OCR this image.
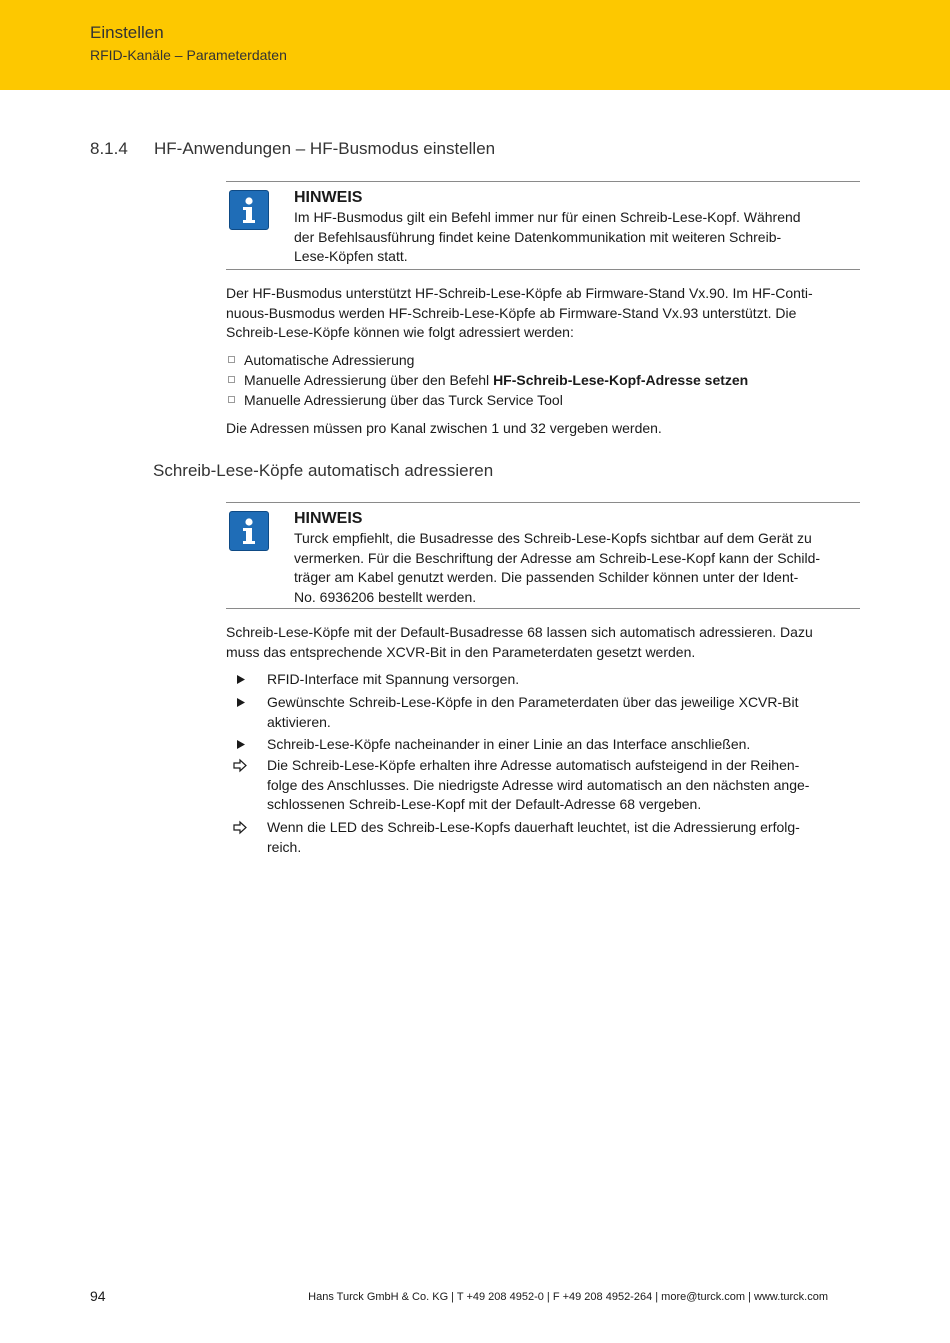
Einstellen
RFID-Kanäle – Parameterdaten
8.1.4 HF-Anwendungen – HF-Busmodus einstellen
HINWEIS
Im HF-Busmodus gilt ein Befehl immer nur für einen Schreib-Lese-Kopf. Während
der Befehlsausführung findet keine Datenkommunikation mit weiteren Schreib-
Lese-Köpfen statt.
Der HF-Busmodus unterstützt HF-Schreib-Lese-Köpfe ab Firmware-Stand Vx.90. Im HF-Conti-
nuous-Busmodus werden HF-Schreib-Lese-Köpfe ab Firmware-Stand Vx.93 unterstützt. Die
Schreib-Lese-Köpfe können wie folgt adressiert werden:
Automatische Adressierung
Manuelle Adressierung über den Befehl HF-Schreib-Lese-Kopf-Adresse setzen
Manuelle Adressierung über das Turck Service Tool
Die Adressen müssen pro Kanal zwischen 1 und 32 vergeben werden.
Schreib-Lese-Köpfe automatisch adressieren
HINWEIS
Turck empfiehlt, die Busadresse des Schreib-Lese-Kopfs sichtbar auf dem Gerät zu
vermerken. Für die Beschriftung der Adresse am Schreib-Lese-Kopf kann der Schild-
träger am Kabel genutzt werden. Die passenden Schilder können unter der Ident-
No. 6936206 bestellt werden.
Schreib-Lese-Köpfe mit der Default-Busadresse 68 lassen sich automatisch adressieren. Dazu
muss das entsprechende XCVR-Bit in den Parameterdaten gesetzt werden.
RFID-Interface mit Spannung versorgen.
Gewünschte Schreib-Lese-Köpfe in den Parameterdaten über das jeweilige XCVR-Bit
aktivieren.
Schreib-Lese-Köpfe nacheinander in einer Linie an das Interface anschließen.
Die Schreib-Lese-Köpfe erhalten ihre Adresse automatisch aufsteigend in der Reihen-
folge des Anschlusses. Die niedrigste Adresse wird automatisch an den nächsten ange-
schlossenen Schreib-Lese-Kopf mit der Default-Adresse 68 vergeben.
Wenn die LED des Schreib-Lese-Kopfs dauerhaft leuchtet, ist die Adressierung erfolg-
reich.
94	Hans Turck GmbH & Co. KG | T +49 208 4952-0 | F +49 208 4952-264 | more@turck.com | www.turck.com
